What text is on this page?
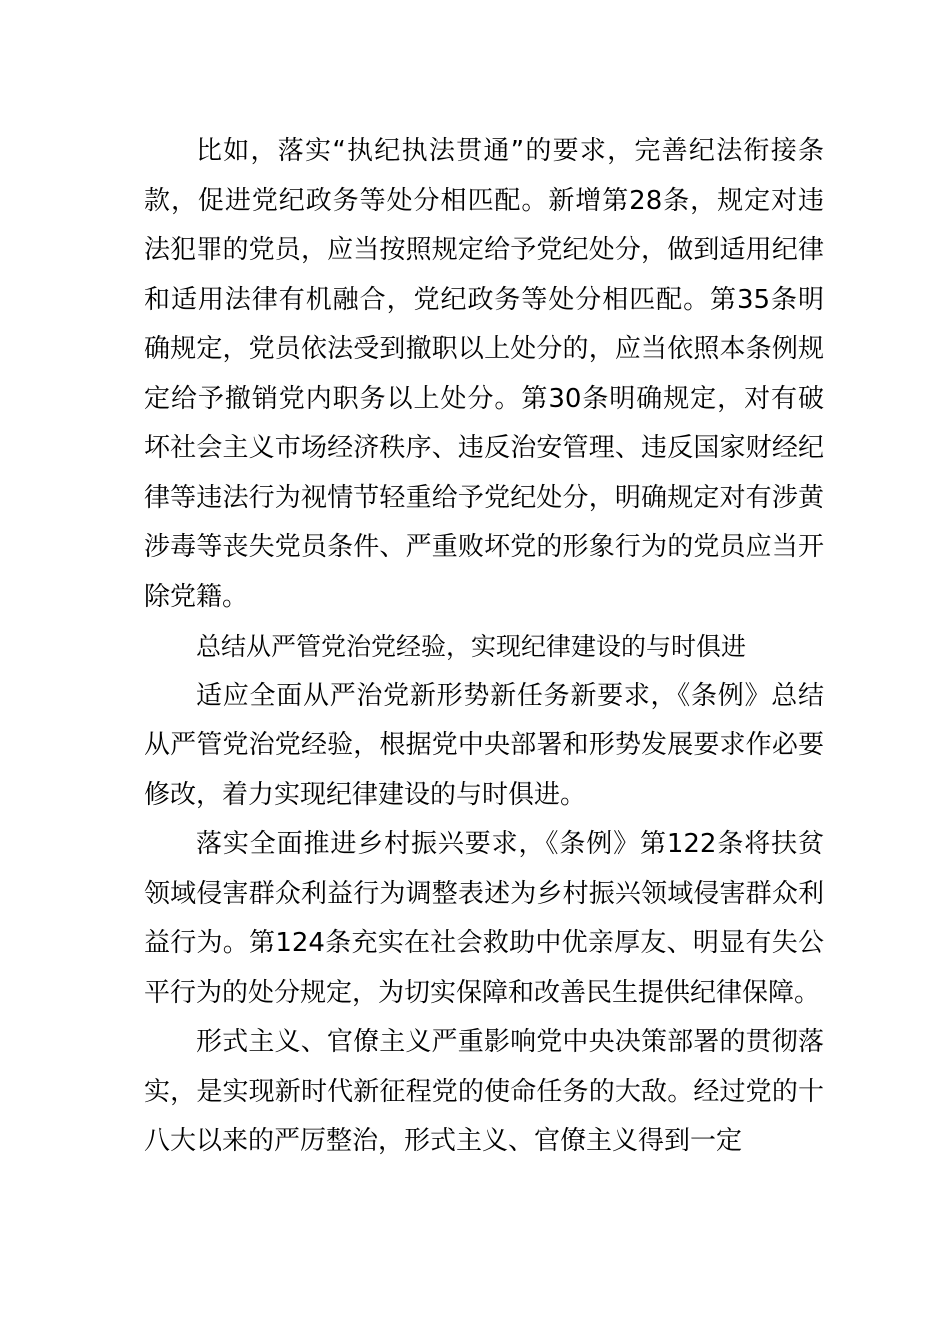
比如，落实“执纪执法贯通”的要求，完善纪法衔接条款，促进党纪政务等处分相匹配。新增第28条，规定对违法犯罪的党员，应当按照规定给予党纪处分，做到适用纪律和适用法律有机融合，党纪政务等处分相匹配。第35条明确规定，党员依法受到撤职以上处分的，应当依照本条例规定给予撤销党内职务以上处分。第30条明确规定，对有破坏社会主义市场经济秩序、违反治安管理、违反国家财经纪律等违法行为视情节轻重给予党纪处分，明确规定对有涉黄涉毒等丧失党员条件、严重败坏党的形象行为的党员应当开除党籍。

总结从严管党治党经验，实现纪律建设的与时俱进

适应全面从严治党新形势新任务新要求，《条例》总结从严管党治党经验，根据党中央部署和形势发展要求作必要修改，着力实现纪律建设的与时俱进。

落实全面推进乡村振兴要求，《条例》第122条将扶贫领域侵害群众利益行为调整表述为乡村振兴领域侵害群众利益行为。第124条充实在社会救助中优亲厚友、明显有失公平行为的处分规定，为切实保障和改善民生提供纪律保障。

形式主义、官僚主义严重影响党中央决策部署的贯彻落实，是实现新时代新征程党的使命任务的大敌。经过党的十八大以来的严厉整治，形式主义、官僚主义得到一定
